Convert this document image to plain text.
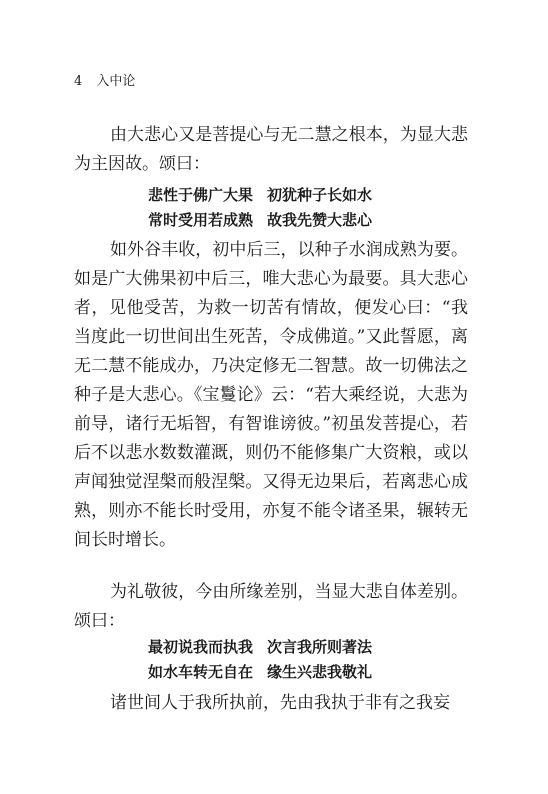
4 入中论

由大悲心又是菩提心与无二慧之根本，为显大悲为主因故。颂曰：

悲性于佛广大果 初犹种子长如水
常时受用若成熟 故我先赞大悲心

如外谷丰收，初中后三，以种子水润成熟为要。如是广大佛果初中后三，唯大悲心为最要。具大悲心者，见他受苦，为救一切苦有情故，便发心曰：“我当度此一切世间出生死苦，令成佛道。”又此誓愿，离无二慧不能成办，乃决定修无二智慧。故一切佛法之种子是大悲心。《宝鬘论》云：“若大乘经说，大悲为前导，诸行无垢智，有智谁谤彼。”初虽发菩提心，若后不以悲水数数灌溉，则仍不能修集广大资粮，或以声闻独觉涅槃而般涅槃。又得无边果后，若离悲心成熟，则亦不能长时受用，亦复不能令诸圣果，辗转无间长时增长。

为礼敬彼，今由所缘差别，当显大悲自体差别。颂曰：

最初说我而执我 次言我所则著法
如水车转无自在 缘生兴悲我敬礼

诸世间人于我所执前，先由我执于非有之我妄
